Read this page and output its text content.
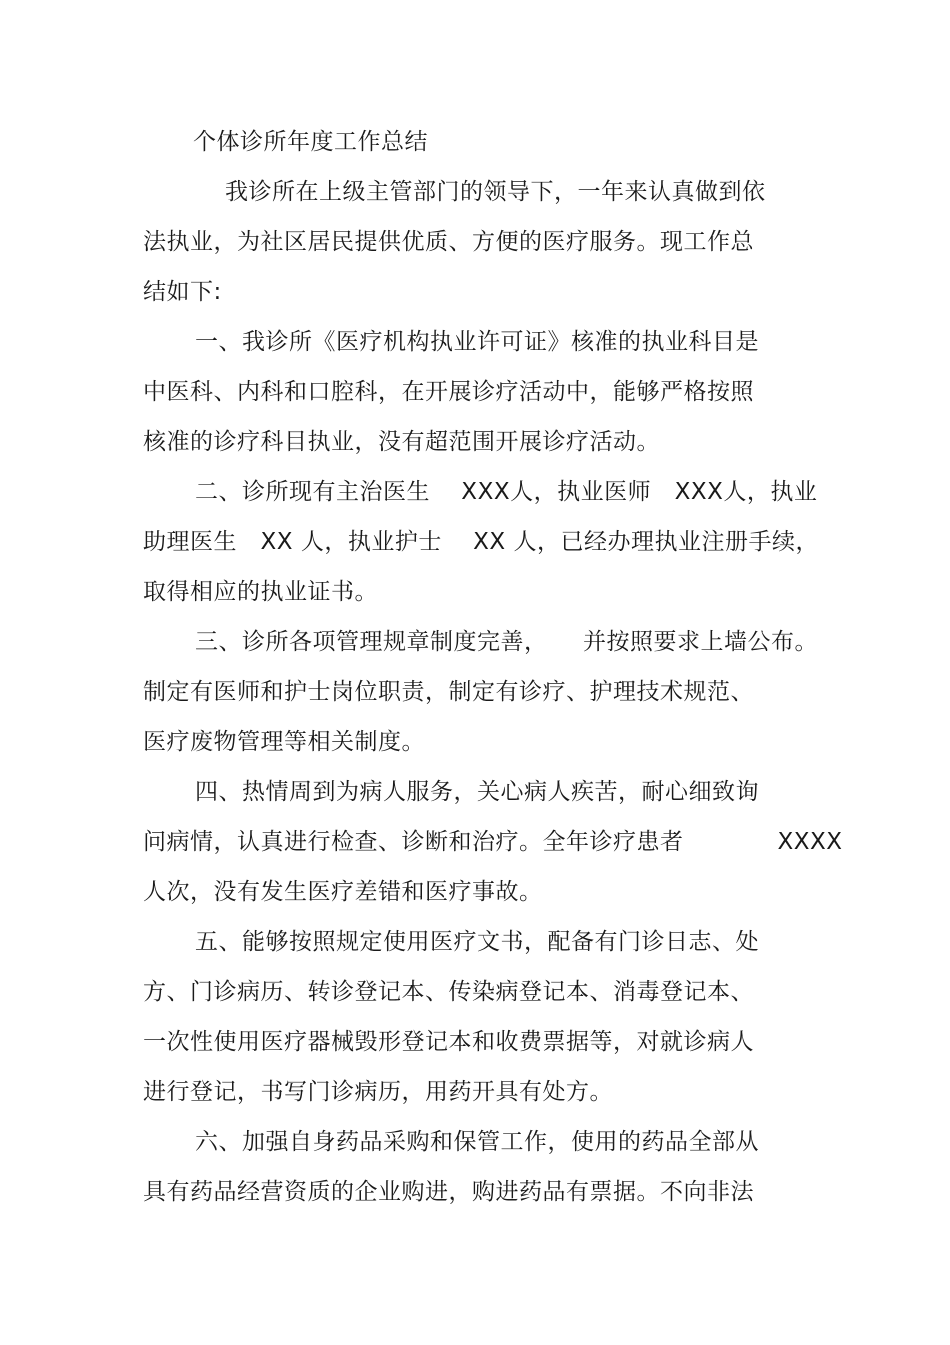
个体诊所年度工作总结
　　我诊所在上级主管部门的领导下，一年来认真做到依
法执业，为社区居民提供优质、方便的医疗服务。现工作总
结如下:
　　一、我诊所《医疗机构执业许可证》核准的执业科目是
中医科、内科和口腔科，在开展诊疗活动中，能够严格按照
核准的诊疗科目执业，没有超范围开展诊疗活动。
　　二、诊所现有主治医生　 XXX人，执业医师　XXX人，执业
助理医生　XX 人，执业护士　 XX 人，已经办理执业注册手续，
取得相应的执业证书。
　　三、诊所各项管理规章制度完善，　　并按照要求上墙公布。
制定有医师和护士岗位职责，制定有诊疗、护理技术规范、
医疗废物管理等相关制度。
　　四、热情周到为病人服务，关心病人疾苦，耐心细致询
问病情，认真进行检查、诊断和治疗。全年诊疗患者　　　　XXXX
人次，没有发生医疗差错和医疗事故。
　　五、能够按照规定使用医疗文书，配备有门诊日志、处
方、门诊病历、转诊登记本、传染病登记本、消毒登记本、
一次性使用医疗器械毁形登记本和收费票据等，对就诊病人
进行登记，书写门诊病历，用药开具有处方。
　　六、加强自身药品采购和保管工作，使用的药品全部从
具有药品经营资质的企业购进，购进药品有票据。不向非法
